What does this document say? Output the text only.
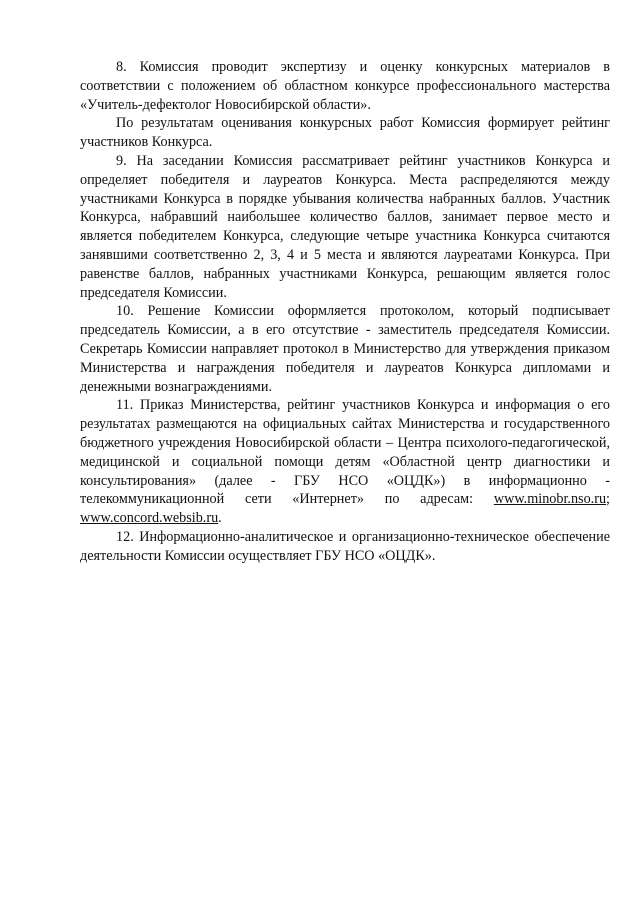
8. Комиссия проводит экспертизу и оценку конкурсных материалов в соответствии с положением об областном конкурсе профессионального мастерства «Учитель-дефектолог Новосибирской области».

По результатам оценивания конкурсных работ Комиссия формирует рейтинг участников Конкурса.

9. На заседании Комиссия рассматривает рейтинг участников Конкурса и определяет победителя и лауреатов Конкурса. Места распределяются между участниками Конкурса в порядке убывания количества набранных баллов. Участник Конкурса, набравший наибольшее количество баллов, занимает первое место и является победителем Конкурса, следующие четыре участника Конкурса считаются занявшими соответственно 2, 3, 4 и 5 места и являются лауреатами Конкурса. При равенстве баллов, набранных участниками Конкурса, решающим является голос председателя Комиссии.

10. Решение Комиссии оформляется протоколом, который подписывает председатель Комиссии, а в его отсутствие - заместитель председателя Комиссии. Секретарь Комиссии направляет протокол в Министерство для утверждения приказом Министерства и награждения победителя и лауреатов Конкурса дипломами и денежными вознаграждениями.

11. Приказ Министерства, рейтинг участников Конкурса и информация о его результатах размещаются на официальных сайтах Министерства и государственного бюджетного учреждения Новосибирской области – Центра психолого-педагогической, медицинской и социальной помощи детям «Областной центр диагностики и консультирования» (далее - ГБУ НСО «ОЦДК») в информационно - телекоммуникационной сети «Интернет» по адресам: www.minobr.nso.ru; www.concord.websib.ru.

12. Информационно-аналитическое и организационно-техническое обеспечение деятельности Комиссии осуществляет ГБУ НСО «ОЦДК».
